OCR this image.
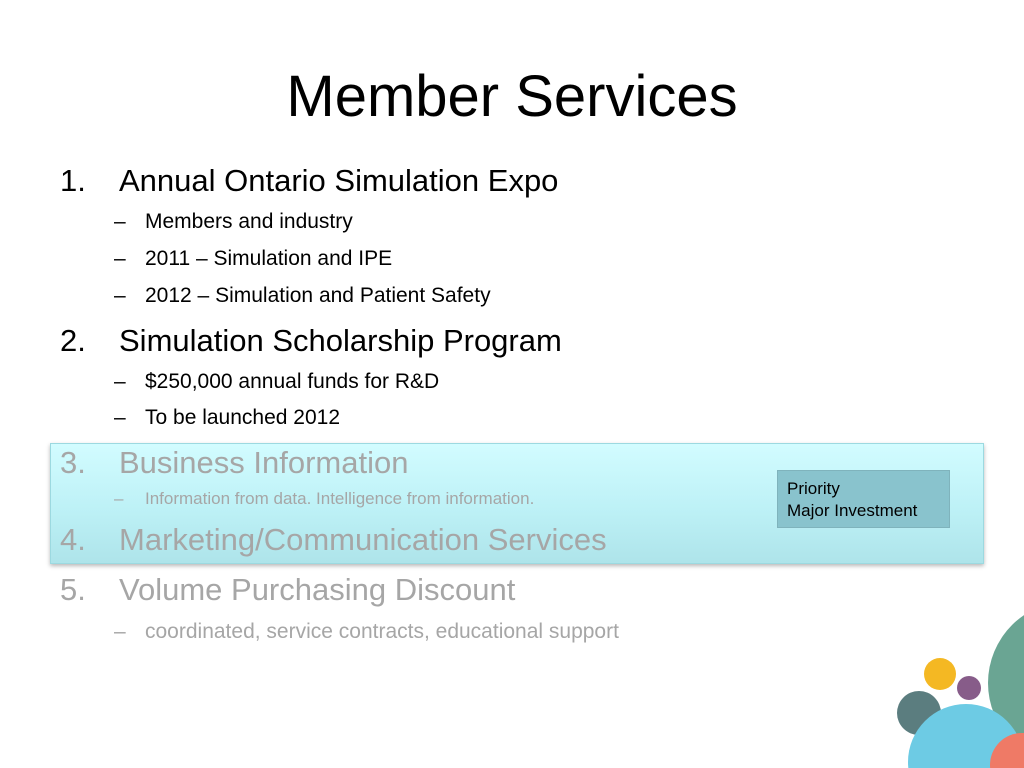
Member Services
1. Annual Ontario Simulation Expo
– Members and industry
– 2011 – Simulation and IPE
– 2012 – Simulation and Patient Safety
2. Simulation Scholarship Program
– $250,000 annual funds for R&D
– To be launched 2012
3. Business Information
– Information from data. Intelligence from information.
4. Marketing/Communication Services
5. Volume Purchasing Discount
– coordinated, service contracts, educational support
Priority
Major Investment
